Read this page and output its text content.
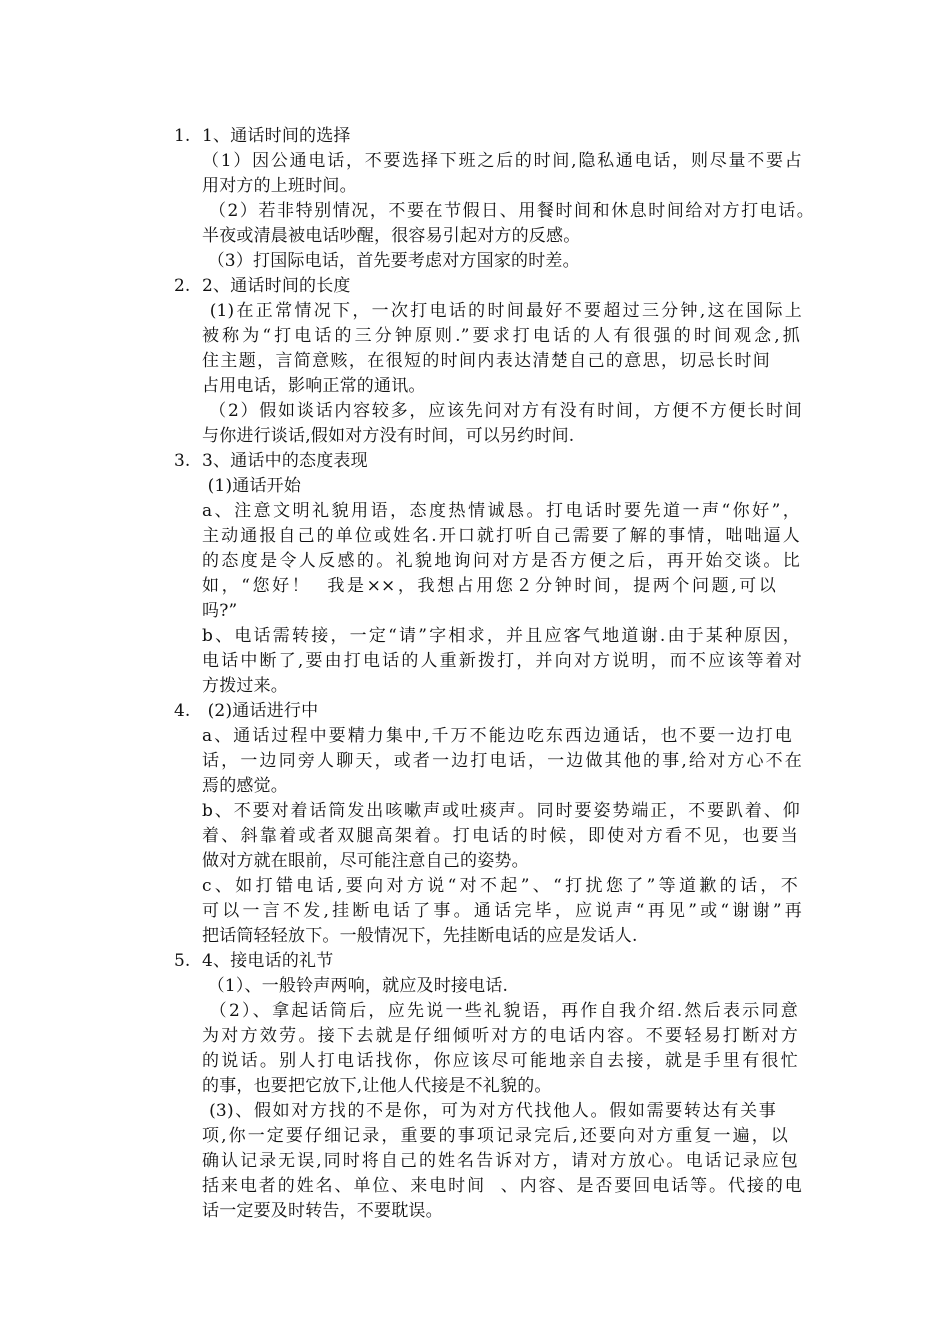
1. 1、通话时间的选择
（1）因公通电话，不要选择下班之后的时间,隐私通电话，则尽量不要占
用对方的上班时间。
（2）若非特别情况，不要在节假日、用餐时间和休息时间给对方打电话。
半夜或清晨被电话吵醒，很容易引起对方的反感。
（3）打国际电话，首先要考虑对方国家的时差。
2. 2、通话时间的长度
(1)在正常情况下，一次打电话的时间最好不要超过三分钟,这在国际上
被称为“打电话的三分钟原则.”要求打电话的人有很强的时间观念,抓
住主题，言简意赅，在很短的时间内表达清楚自己的意思，切忌长时间
占用电话，影响正常的通讯。
（2）假如谈话内容较多，应该先问对方有没有时间，方便不方便长时间
与你进行谈话,假如对方没有时间，可以另约时间.
3. 3、通话中的态度表现
(1)通话开始
a、注意文明礼貌用语，态度热情诚恳。打电话时要先道一声“你好”，
主动通报自己的单位或姓名.开口就打听自己需要了解的事情，咄咄逼人
的态度是令人反感的。礼貌地询问对方是否方便之后，再开始交谈。比
如，“您好！  我是××，我想占用您２分钟时间，提两个问题,可以
吗?”
b、电话需转接，一定“请”字相求，并且应客气地道谢.由于某种原因，
电话中断了,要由打电话的人重新拨打，并向对方说明，而不应该等着对
方拨过来。
4. (2)通话进行中
a、通话过程中要精力集中,千万不能边吃东西边通话，也不要一边打电
话，一边同旁人聊天，或者一边打电话，一边做其他的事,给对方心不在
焉的感觉。
b、不要对着话筒发出咳嗽声或吐痰声。同时要姿势端正，不要趴着、仰
着、斜靠着或者双腿高架着。打电话的时候，即使对方看不见，也要当
做对方就在眼前，尽可能注意自己的姿势。
c、如打错电话,要向对方说“对不起”、“打扰您了”等道歉的话，不
可以一言不发,挂断电话了事。通话完毕，应说声“再见”或“谢谢”再
把话筒轻轻放下。一般情况下，先挂断电话的应是发话人.
5. 4、接电话的礼节
（1）、一般铃声两响，就应及时接电话.
（2）、拿起话筒后，应先说一些礼貌语，再作自我介绍.然后表示同意
为对方效劳。接下去就是仔细倾听对方的电话内容。不要轻易打断对方
的说话。别人打电话找你，你应该尽可能地亲自去接，就是手里有很忙
的事，也要把它放下,让他人代接是不礼貌的。
(3)、假如对方找的不是你，可为对方代找他人。假如需要转达有关事
项,你一定要仔细记录，重要的事项记录完后,还要向对方重复一遍，以
确认记录无误,同时将自己的姓名告诉对方，请对方放心。电话记录应包
括来电者的姓名、单位、来电时间  、内容、是否要回电话等。代接的电
话一定要及时转告，不要耽误。
